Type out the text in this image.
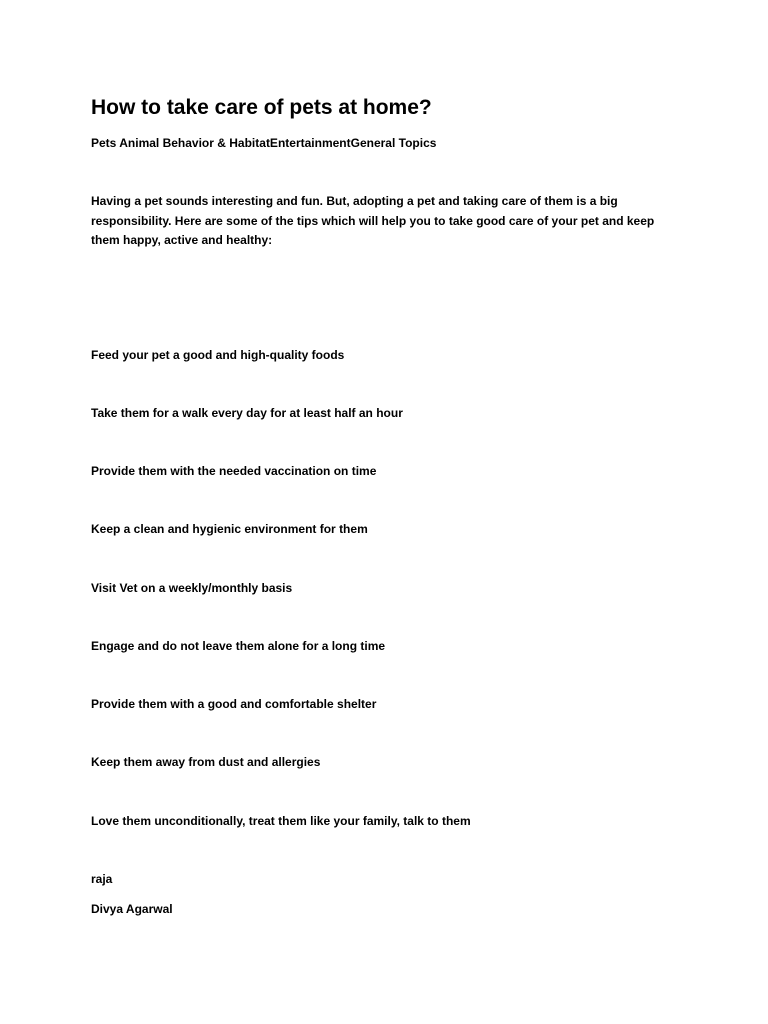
How to take care of pets at home?
Pets Animal Behavior & HabitatEntertainmentGeneral Topics
Having a pet sounds interesting and fun. But, adopting a pet and taking care of them is a big
responsibility. Here are some of the tips which will help you to take good care of your pet and keep
them happy, active and healthy:
Feed your pet a good and high-quality foods
Take them for a walk every day for at least half an hour
Provide them with the needed vaccination on time
Keep a clean and hygienic environment for them
Visit Vet on a weekly/monthly basis
Engage and do not leave them alone for a long time
Provide them with a good and comfortable shelter
Keep them away from dust and allergies
Love them unconditionally, treat them like your family, talk to them
raja
Divya Agarwal
